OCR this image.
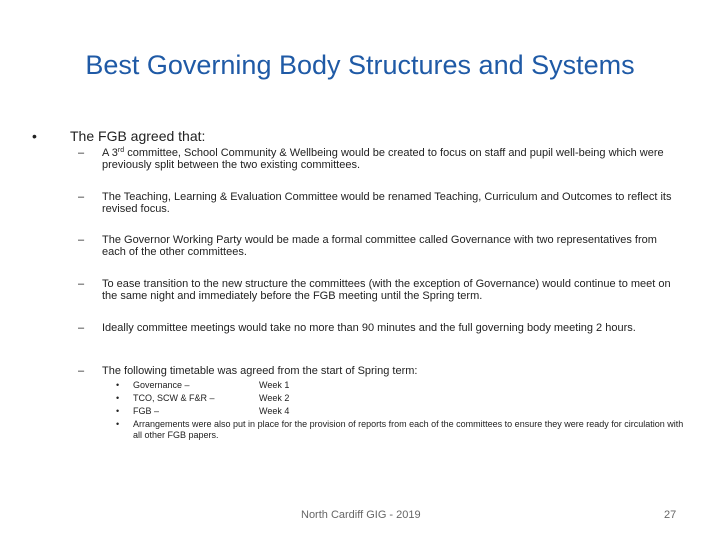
Best Governing Body Structures and Systems
• The FGB agreed that:
– A 3rd committee, School Community & Wellbeing would be created to focus on staff and pupil well-being which were previously split between the two existing committees.
– The Teaching, Learning & Evaluation Committee would be renamed Teaching, Curriculum and Outcomes to reflect its revised focus.
– The Governor Working Party would be made a formal committee called Governance with two representatives from each of the other committees.
– To ease transition to the new structure the committees (with the exception of Governance) would continue to meet on the same night and immediately before the FGB meeting until the Spring term.
– Ideally committee meetings would take no more than 90 minutes and the full governing body meeting 2 hours.
– The following timetable was agreed from the start of Spring term:
• Governance –	Week 1
• TCO, SCW & F&R –	Week 2
• FGB –	Week 4
• Arrangements were also put in place for the provision of reports from each of the committees to ensure they were ready for circulation with all other FGB papers.
North Cardiff GIG - 2019	27
